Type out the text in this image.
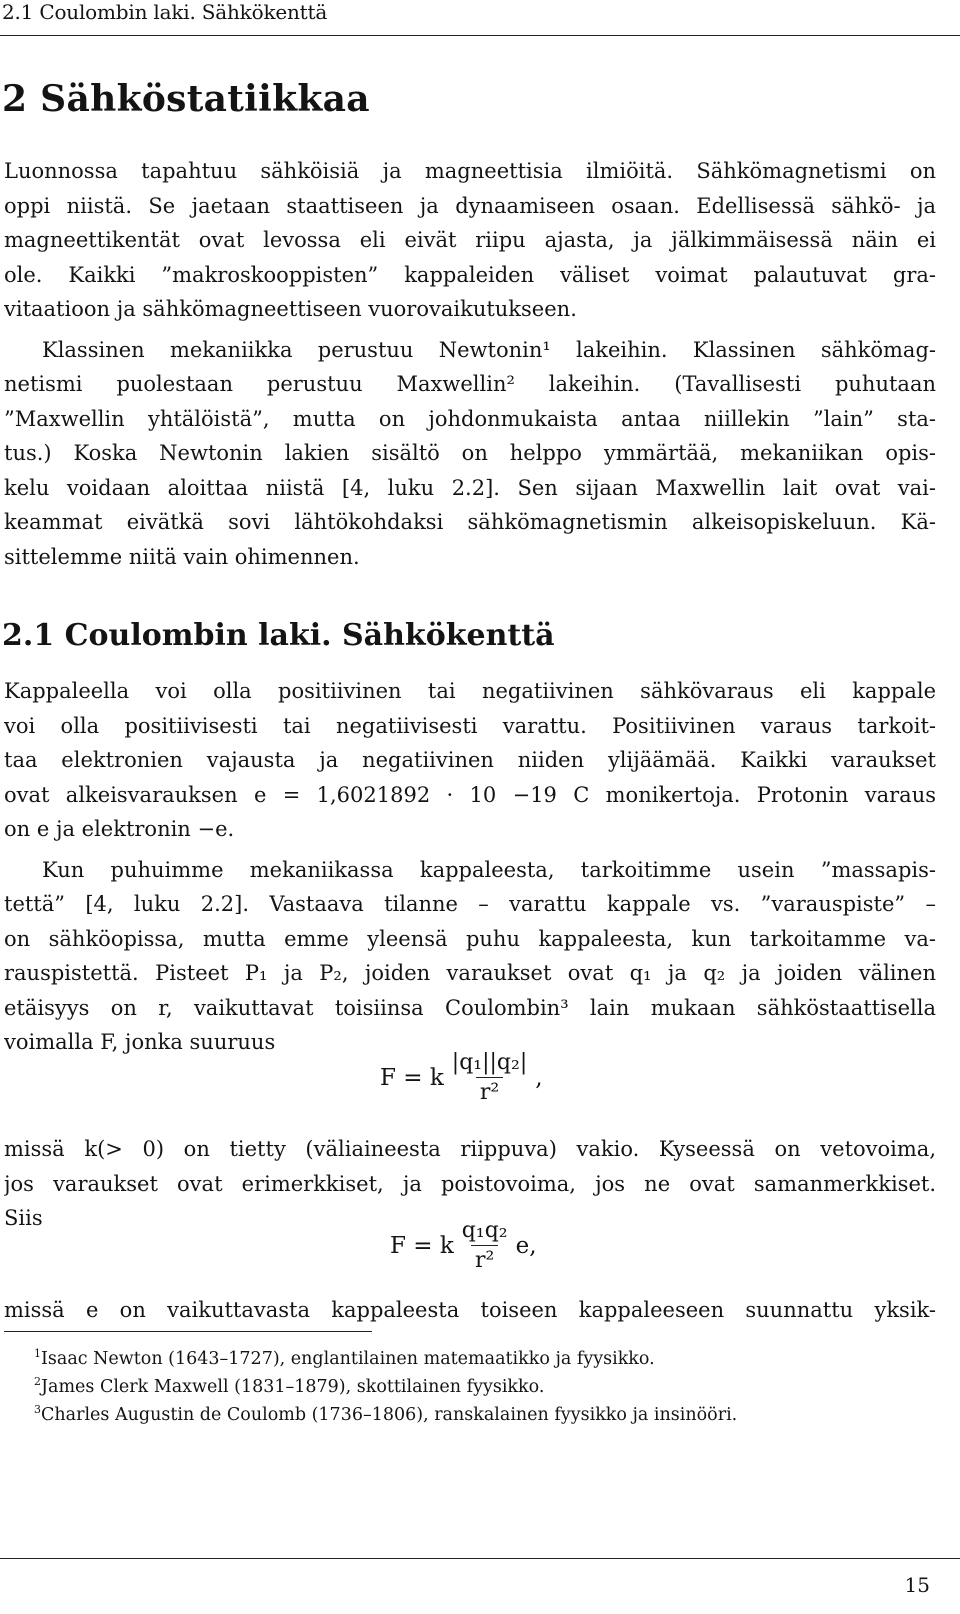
2.1 Coulombin laki. Sähkökenttä
2 Sähköstatiikkaa
Luonnossa tapahtuu sähköisiä ja magneettisia ilmiöitä. Sähkömagnetismi on
oppi niistä. Se jaetaan staattiseen ja dynaamiseen osaan. Edellisessä sähkö- ja
magneettikentät ovat levossa eli eivät riipu ajasta, ja jälkimmäisessä näin ei
ole. Kaikki ”makroskooppisten” kappaleiden väliset voimat palautuvat gra-
vitaatioon ja sähkömagneettiseen vuorovaikutukseen.
Klassinen mekaniikka perustuu Newtonin¹ lakeihin. Klassinen sähkömag-
netismi puolestaan perustuu Maxwellin² lakeihin. (Tavallisesti puhutaan
”Maxwellin yhtälöistä”, mutta on johdonmukaista antaa niillekin ”lain” sta-
tus.) Koska Newtonin lakien sisältö on helppo ymmärtää, mekaniikan opis-
kelu voidaan aloittaa niistä [4, luku 2.2]. Sen sijaan Maxwellin lait ovat vai-
keammat eivätkä sovi lähtökohdaksi sähkömagnetismin alkeisopiskeluun. Kä-
sittelemme niitä vain ohimennen.
2.1 Coulombin laki. Sähkökenttä
Kappaleella voi olla positiivinen tai negatiivinen sähkövaraus eli kappale
voi olla positiivisesti tai negatiivisesti varattu. Positiivinen varaus tarkoit-
taa elektronien vajausta ja negatiivinen niiden ylijäämää. Kaikki varaukset
ovat alkeisvarauksen e = 1,6021892 · 10 −19 C monikertoja. Protonin varaus
on e ja elektronin −e.
Kun puhuimme mekaniikassa kappaleesta, tarkoitimme usein ”massapis-
tettä” [4, luku 2.2]. Vastaava tilanne – varattu kappale vs. ”varauspiste” –
on sähköopissa, mutta emme yleensä puhu kappaleesta, kun tarkoitamme va-
rauspistettä. Pisteet P₁ ja P₂, joiden varaukset ovat q₁ ja q₂ ja joiden välinen
etäisyys on r, vaikuttavat toisiinsa Coulombin³ lain mukaan sähköstaattisella
voimalla F, jonka suuruus
F = k $\frac{\text{|q₁||q₂|}}{\text{r²}}$ ,
missä k(> 0) on tietty (väliaineesta riippuva) vakio. Kyseessä on vetovoima,
jos varaukset ovat erimerkkiset, ja poistovoima, jos ne ovat samanmerkkiset.
Siis
F = k $\frac{\text{q₁q₂}}{\text{r²}} e$,
missä e on vaikuttavasta kappaleesta toiseen kappaleeseen suunnattu yksik-
$^1$Isaac Newton (1643–1727), englantilainen matemaatikko ja fyysikko.
$^2$James Clerk Maxwell (1831–1879), skottilainen fyysikko.
$^3$Charles Augustin de Coulomb (1736–1806), ranskalainen fyysikko ja insinööri.
15
